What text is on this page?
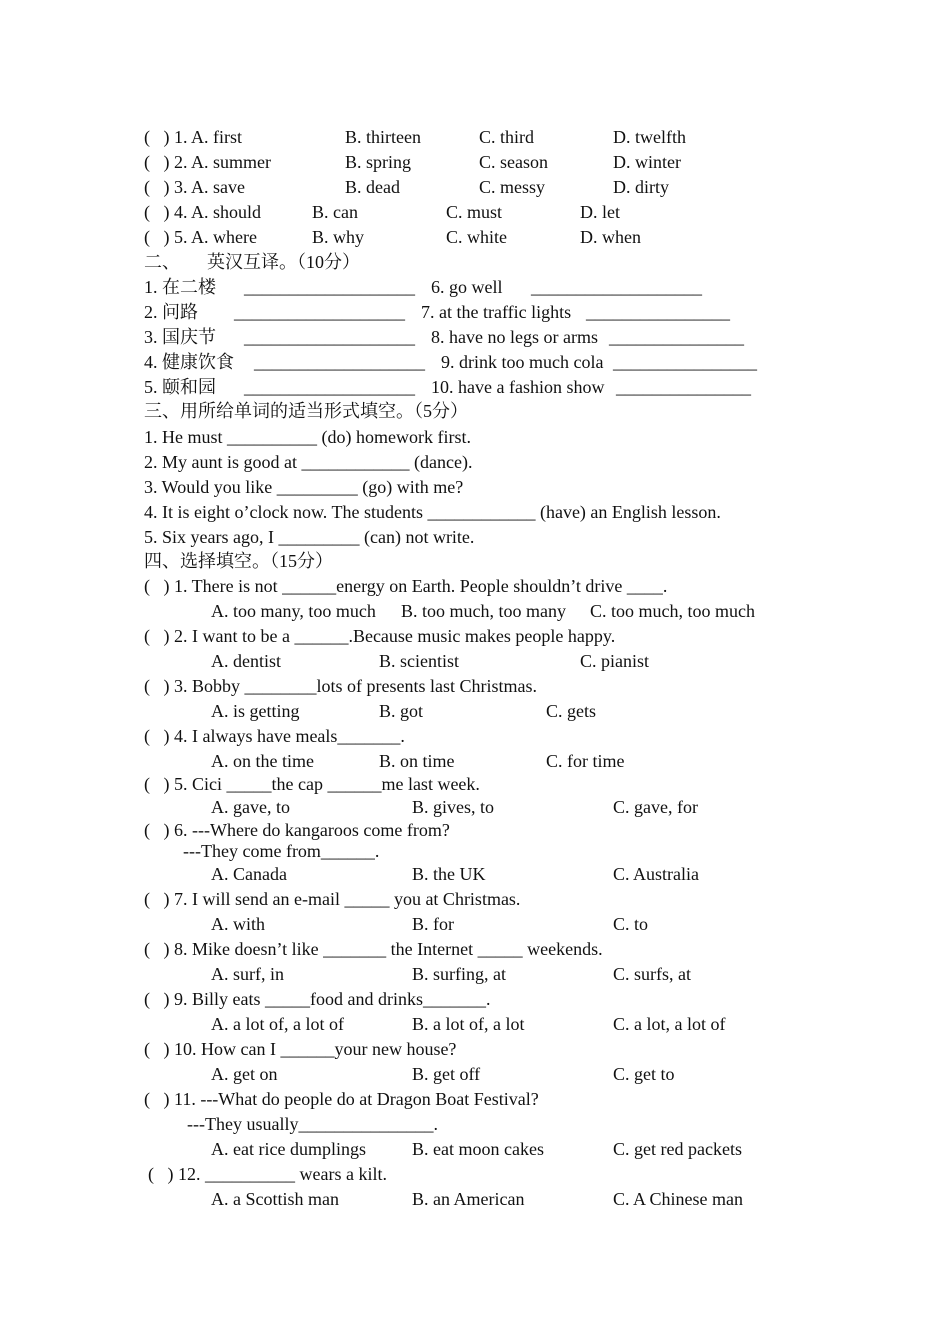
(   ) 1. A. first	B. thirteen	C. third	D. twelfth
(   ) 2. A. summer	B. spring	C. season	D. winter
(   ) 3. A. save	B. dead	C. messy	D. dirty
(   ) 4. A. should	B. can	C. must	D. let
(   ) 5. A. where	B. why	C. white	D. when
二、      英汉互译。（10分）
1. 在二楼 ___________________ 6. go well ___________________
2. 问路 ___________________ 7. at the traffic lights ________________
3. 国庆节 ___________________ 8. have no legs or arms _______________
4. 健康饮食 ___________________ 9. drink too much cola ________________
5. 颐和园 ___________________ 10. have a fashion show _______________
三、用所给单词的适当形式填空。（5分）
1. He must __________ (do) homework first.
2. My aunt is good at ____________ (dance).
3. Would you like _________ (go) with me?
4. It is eight o’clock now. The students ____________ (have) an English lesson.
5. Six years ago, I _________ (can) not write.
四、选择填空。（15分）
(   ) 1. There is not ______energy on Earth. People shouldn’t drive ____.
A. too many, too much B. too much, too many C. too much, too much
(   ) 2. I want to be a ______.Because music makes people happy.
A. dentist	B. scientist	C. pianist
(   ) 3. Bobby ________lots of presents last Christmas.
A. is getting	B. got	C. gets
(   ) 4. I always have meals_______.
A. on the time	B. on time	C. for time
(   ) 5. Cici _____the cap ______me last week.
A. gave, to	B. gives, to	C. gave, for
(   ) 6. ---Where do kangaroos come from?
---They come from______.
A. Canada	B. the UK	C. Australia
(   ) 7. I will send an e-mail _____ you at Christmas.
A. with	B. for	C. to
(   ) 8. Mike doesn’t like _______ the Internet _____ weekends.
A. surf, in	B. surfing, at	C. surfs, at
(   ) 9. Billy eats _____food and drinks_______.
A. a lot of, a lot of	B. a lot of, a lot	C. a lot, a lot of
(   ) 10. How can I ______your new house?
A. get on	B. get off	C. get to
(   ) 11. ---What do people do at Dragon Boat Festival?
---They usually_______________.
A. eat rice dumplings	B. eat moon cakes	C. get red packets
(   ) 12. __________ wears a kilt.
A. a Scottish man	B. an American	C. A Chinese man
